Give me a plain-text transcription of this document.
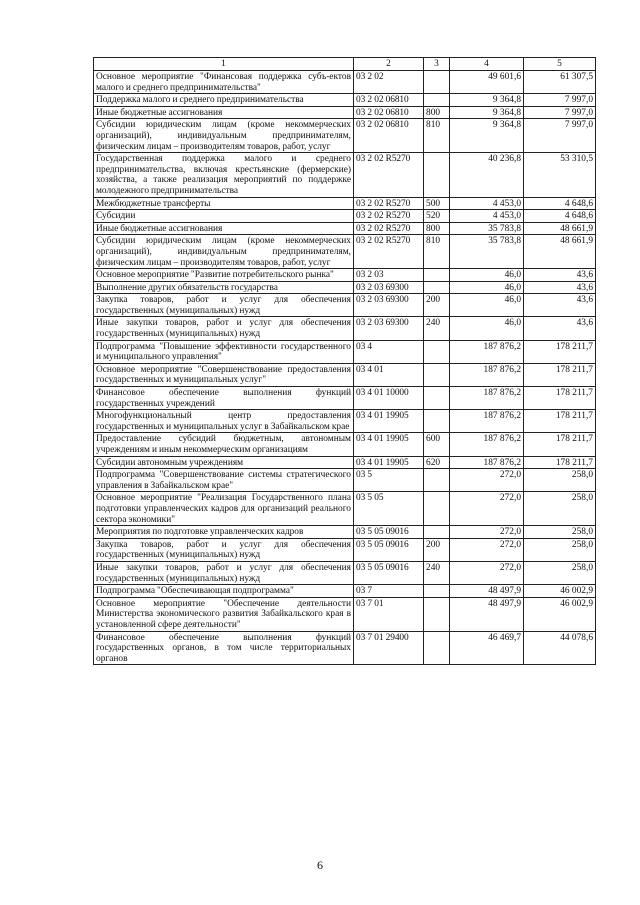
1	2	3	4	5
Основное мероприятие "Финансовая поддержка субъ-ектов малого и среднего предпринимательства"	03 2 02		49 601,6	61 307,5
Поддержка малого и среднего предпринимательства	03 2 02 06810		9 364,8	7 997,0
Иные бюджетные ассигнования	03 2 02 06810	800	9 364,8	7 997,0
Субсидии юридическим лицам (кроме некоммерческих организаций), индивидуальным предпринимателям, физическим лицам – производителям товаров, работ, услуг	03 2 02 06810	810	9 364,8	7 997,0
Государственная поддержка малого и среднего предпринимательства, включая крестьянские (фермерские) хозяйства, а также реализация мероприятий по поддержке молодежного предпринимательства	03 2 02 R5270		40 236,8	53 310,5
Межбюджетные трансферты	03 2 02 R5270	500	4 453,0	4 648,6
Субсидии	03 2 02 R5270	520	4 453,0	4 648,6
Иные бюджетные ассигнования	03 2 02 R5270	800	35 783,8	48 661,9
Субсидии юридическим лицам (кроме некоммерческих организаций), индивидуальным предпринимателям, физическим лицам – производителям товаров, работ, услуг	03 2 02 R5270	810	35 783,8	48 661,9
Основное мероприятие "Развитие потребительского рынка"	03 2 03		46,0	43,6
Выполнение других обязательств государства	03 2 03 69300		46,0	43,6
Закупка товаров, работ и услуг для обеспечения государственных (муниципальных) нужд	03 2 03 69300	200	46,0	43,6
Иные закупки товаров, работ и услуг для обеспечения государственных (муниципальных) нужд	03 2 03 69300	240	46,0	43,6
Подпрограмма "Повышение эффективности государственного и муниципального управления"	03 4		187 876,2	178 211,7
Основное мероприятие "Совершенствование предоставления государственных и муниципальных услуг"	03 4 01		187 876,2	178 211,7
Финансовое обеспечение выполнения функций государственных учреждений	03 4 01 10000		187 876,2	178 211,7
Многофункциональный центр предоставления государственных и муниципальных услуг в Забайкальском крае	03 4 01 19905		187 876,2	178 211,7
Предоставление субсидий бюджетным, автономным учреждениям и иным некоммерческим организациям	03 4 01 19905	600	187 876,2	178 211,7
Субсидии автономным учреждениям	03 4 01 19905	620	187 876,2	178 211,7
Подпрограмма "Совершенствование системы стратегического управления в Забайкальском крае"	03 5		272,0	258,0
Основное мероприятие "Реализация Государственного плана подготовки управленческих кадров для организаций реального сектора экономики"	03 5 05		272,0	258,0
Мероприятия по подготовке управленческих кадров	03 5 05 09016		272,0	258,0
Закупка товаров, работ и услуг для обеспечения государственных (муниципальных) нужд	03 5 05 09016	200	272,0	258,0
Иные закупки товаров, работ и услуг для обеспечения государственных (муниципальных) нужд	03 5 05 09016	240	272,0	258,0
Подпрограмма "Обеспечивающая подпрограмма"	03 7		48 497,9	46 002,9
Основное мероприятие "Обеспечение деятельности Министерства экономического развития Забайкальского края в установленной сфере деятельности"	03 7 01		48 497,9	46 002,9
Финансовое обеспечение выполнения функций государственных органов, в том числе территориальных органов	03 7 01 29400		46 469,7	44 078,6
6
